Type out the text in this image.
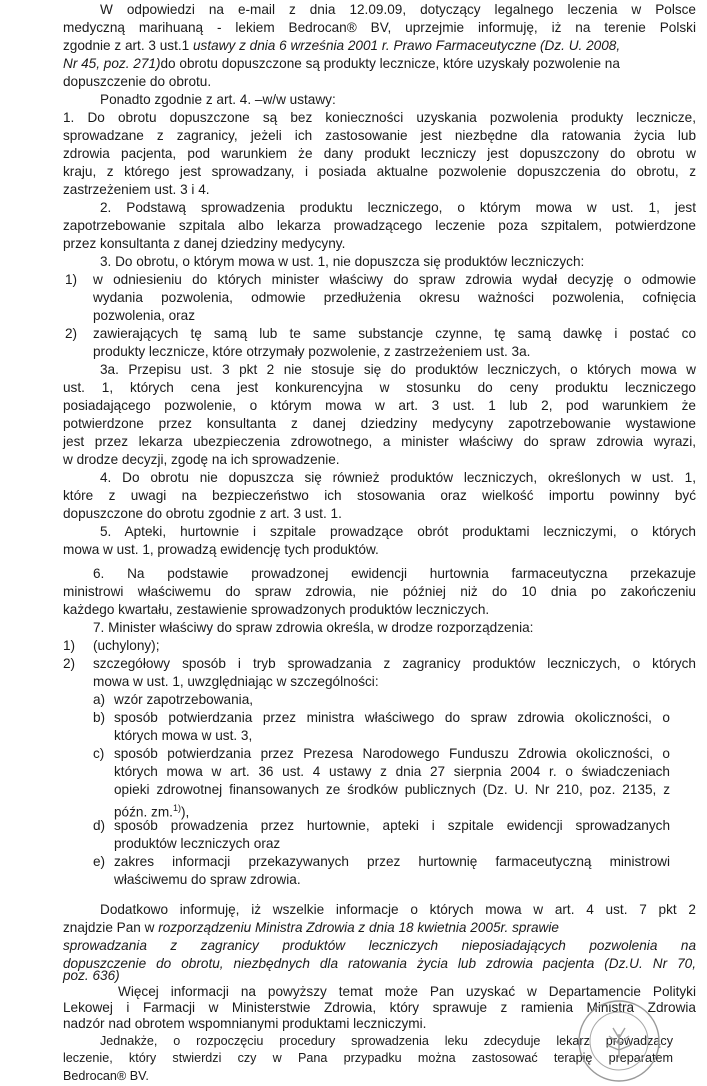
W odpowiedzi na e-mail z dnia 12.09.09, dotyczący legalnego leczenia w Polsce
medyczną marihuaną - lekiem Bedrocan® BV, uprzejmie informuję, iż na terenie Polski
zgodnie z art. 3 ust.1 ustawy z dnia 6 września 2001 r. Prawo Farmaceutyczne (Dz. U. 2008,
Nr 45, poz. 271)do obrotu dopuszczone są produkty lecznicze, które uzyskały pozwolenie na
dopuszczenie do obrotu.
Ponadto zgodnie z art. 4. –w/w ustawy:
1. Do obrotu dopuszczone są bez konieczności uzyskania pozwolenia produkty lecznicze,
sprowadzane z zagranicy, jeżeli ich zastosowanie jest niezbędne dla ratowania życia lub
zdrowia pacjenta, pod warunkiem że dany produkt leczniczy jest dopuszczony do obrotu w
kraju, z którego jest sprowadzany, i posiada aktualne pozwolenie dopuszczenia do obrotu, z
zastrzeżeniem ust. 3 i 4.
2. Podstawą sprowadzenia produktu leczniczego, o którym mowa w ust. 1, jest
zapotrzebowanie szpitala albo lekarza prowadzącego leczenie poza szpitalem, potwierdzone
przez konsultanta z danej dziedziny medycyny.
3. Do obrotu, o którym mowa w ust. 1, nie dopuszcza się produktów leczniczych:
1) w odniesieniu do których minister właściwy do spraw zdrowia wydał decyzję o odmowie
wydania pozwolenia, odmowie przedłużenia okresu ważności pozwolenia, cofnięcia
pozwolenia, oraz
2) zawierających tę samą lub te same substancje czynne, tę samą dawkę i postać co
produkty lecznicze, które otrzymały pozwolenie, z zastrzeżeniem ust. 3a.
3a. Przepisu ust. 3 pkt 2 nie stosuje się do produktów leczniczych, o których mowa w
ust. 1, których cena jest konkurencyjna w stosunku do ceny produktu leczniczego
posiadającego pozwolenie, o którym mowa w art. 3 ust. 1 lub 2, pod warunkiem że
potwierdzone przez konsultanta z danej dziedziny medycyny zapotrzebowanie wystawione
jest przez lekarza ubezpieczenia zdrowotnego, a minister właściwy do spraw zdrowia wyrazi,
w drodze decyzji, zgodę na ich sprowadzenie.
4. Do obrotu nie dopuszcza się również produktów leczniczych, określonych w ust. 1,
które z uwagi na bezpieczeństwo ich stosowania oraz wielkość importu powinny być
dopuszczone do obrotu zgodnie z art. 3 ust. 1.
5. Apteki, hurtownie i szpitale prowadzące obrót produktami leczniczymi, o których
mowa w ust. 1, prowadzą ewidencję tych produktów.
6. Na podstawie prowadzonej ewidencji hurtownia farmaceutyczna przekazuje
ministrowi właściwemu do spraw zdrowia, nie później niż do 10 dnia po zakończeniu
każdego kwartału, zestawienie sprowadzonych produktów leczniczych.
7. Minister właściwy do spraw zdrowia określa, w drodze rozporządzenia:
1) (uchylony);
2) szczegółowy sposób i tryb sprowadzania z zagranicy produktów leczniczych, o których
mowa w ust. 1, uwzględniając w szczególności:
a) wzór zapotrzebowania,
b) sposób potwierdzania przez ministra właściwego do spraw zdrowia okoliczności, o
których mowa w ust. 3,
c) sposób potwierdzania przez Prezesa Narodowego Funduszu Zdrowia okoliczności, o
których mowa w art. 36 ust. 4 ustawy z dnia 27 sierpnia 2004 r. o świadczeniach
opieki zdrowotnej finansowanych ze środków publicznych (Dz. U. Nr 210, poz. 2135, z
późn. zm.$^{1)}$),
d) sposób prowadzenia przez hurtownie, apteki i szpitale ewidencji sprowadzanych
produktów leczniczych oraz
e) zakres informacji przekazywanych przez hurtownię farmaceutyczną ministrowi
właściwemu do spraw zdrowia.
Dodatkowo informuję, iż wszelkie informacje o których mowa w art. 4 ust. 7 pkt 2
znajdzie Pan w rozporządzeniu Ministra Zdrowia z dnia 18 kwietnia 2005r. sprawie
sprowadzania z zagranicy produktów leczniczych nieposiadających pozwolenia na
dopuszczenie do obrotu, niezbędnych dla ratowania życia lub zdrowia pacjenta (Dz.U. Nr 70,
poz. 636)
Więcej informacji na powyższy temat może Pan uzyskać w Departamencie Polityki
Lekowej i Farmacji w Ministerstwie Zdrowia, który sprawuje z ramienia Ministra Zdrowia
nadzór nad obrotem wspomnianymi produktami leczniczymi.
Jednakże, o rozpoczęciu procedury sprowadzenia leku zdecyduje lekarz prowadzący
leczenie, który stwierdzi czy w Pana przypadku można zastosować terapię preparatem
Bedrocan® BV.
